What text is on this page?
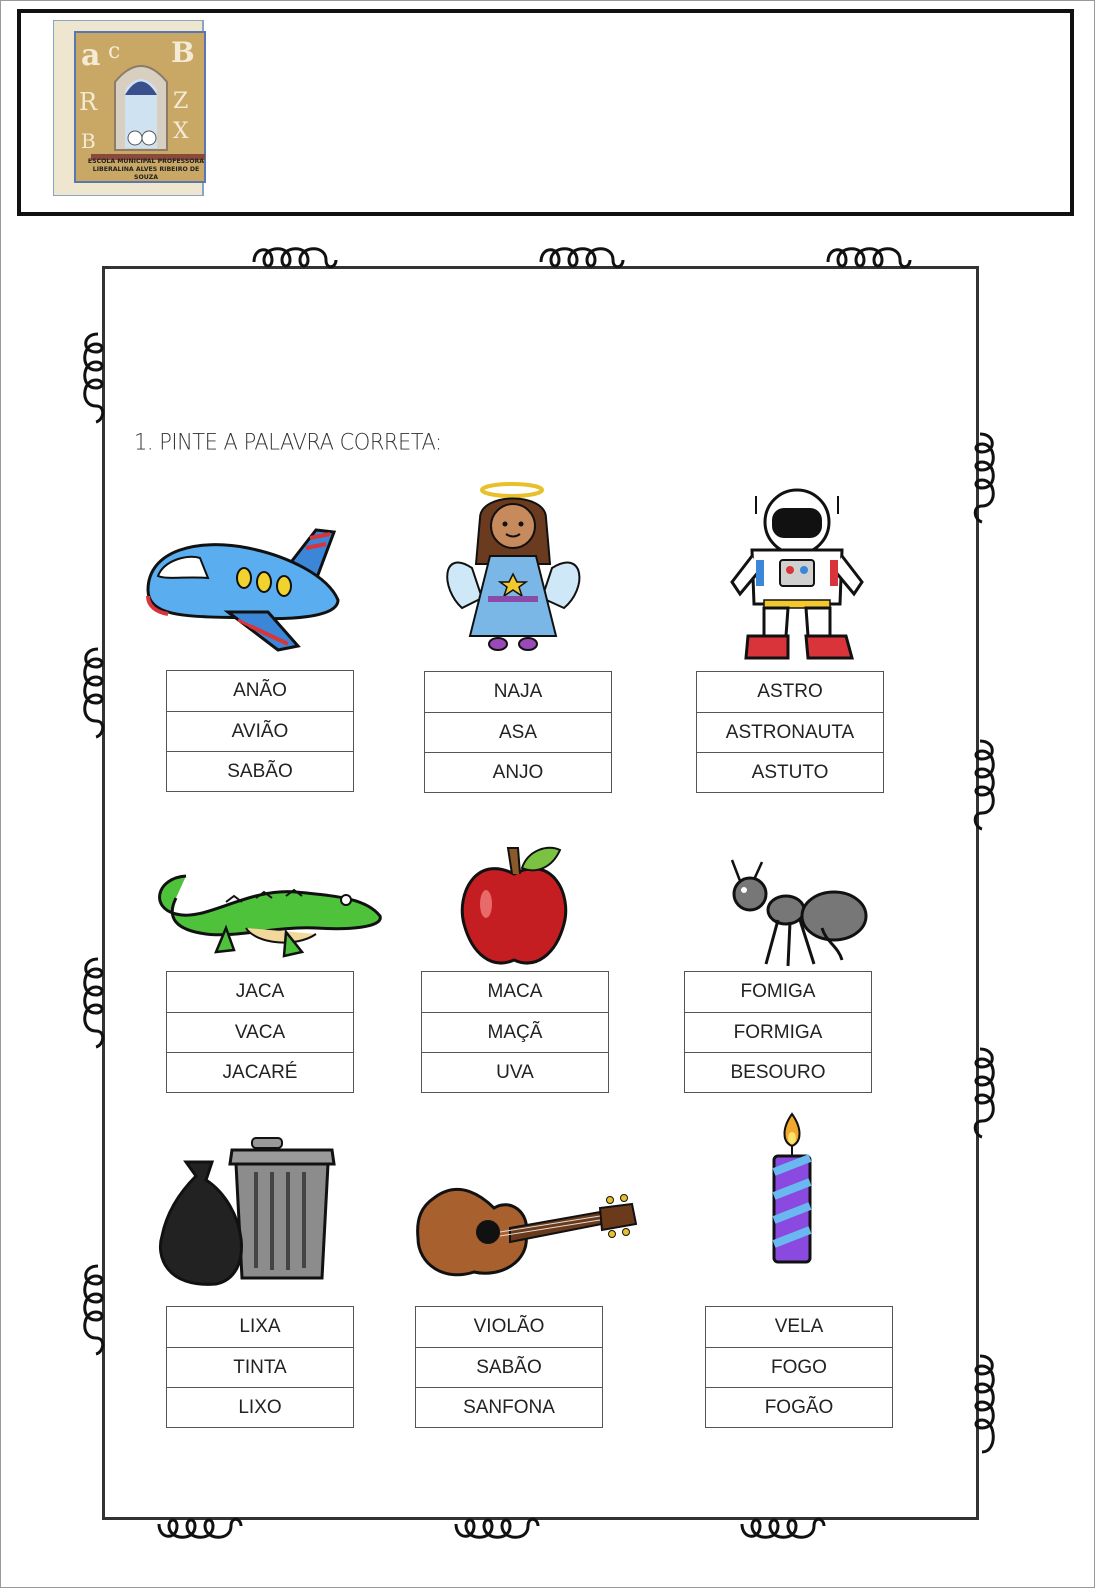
a c B
R	Z
X
B
ESCOLA MUNICIPAL PROFESSORA
LIBERALINA ALVES RIBEIRO DE SOUZA
1. PINTE A PALAVRA CORRETA:
ANÃO
AVIÃO
SABÃO
NAJA
ASA
ANJO
ASTRO
ASTRONAUTA
ASTUTO
JACA
VACA
JACARÉ
MACA
MAÇÃ
UVA
FOMIGA
FORMIGA
BESOURO
LIXA
TINTA
LIXO
VIOLÃO
SABÃO
SANFONA
VELA
FOGO
FOGÃO
